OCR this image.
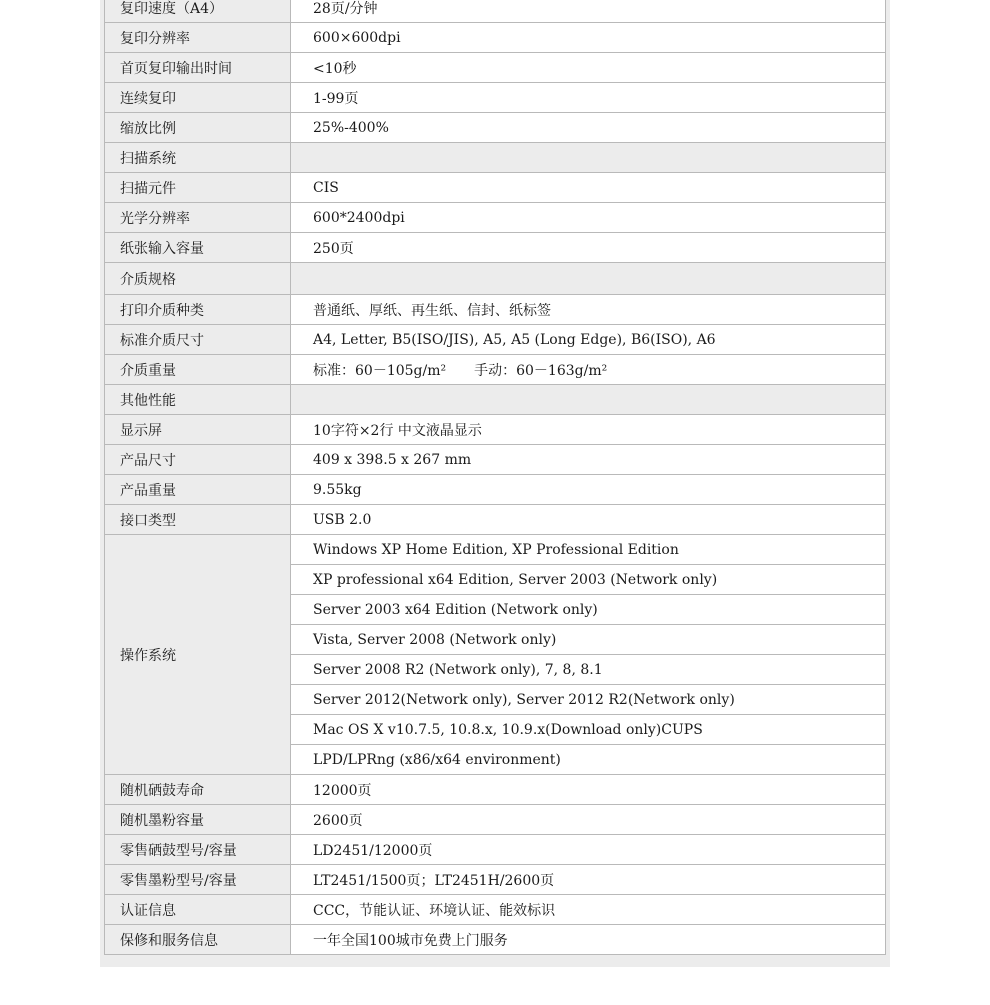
复印速度（A4）	28页/分钟
复印分辨率	600×600dpi
首页复印输出时间	<10秒
连续复印	1-99页
缩放比例	25%-400%
扫描系统	
扫描元件	CIS
光学分辨率	600*2400dpi
纸张输入容量	250页
介质规格	
打印介质种类	普通纸、厚纸、再生纸、信封、纸标签
标准介质尺寸	A4, Letter, B5(ISO/JIS), A5, A5 (Long Edge), B6(ISO), A6
介质重量	标准：60－105g/m²　　手动：60－163g/m²
其他性能	
显示屏	10字符×2行 中文液晶显示
产品尺寸	409 x 398.5 x 267 mm
产品重量	9.55kg
接口类型	USB 2.0
操作系统	Windows XP Home Edition, XP Professional Edition
	XP professional x64 Edition, Server 2003 (Network only)
	Server 2003 x64 Edition (Network only)
	Vista, Server 2008 (Network only)
	Server 2008 R2 (Network only), 7, 8, 8.1
	Server 2012(Network only), Server 2012 R2(Network only)
	Mac OS X v10.7.5, 10.8.x, 10.9.x(Download only)CUPS
	LPD/LPRng (x86/x64 environment)
随机硒鼓寿命	12000页
随机墨粉容量	2600页
零售硒鼓型号/容量	LD2451/12000页
零售墨粉型号/容量	LT2451/1500页；LT2451H/2600页
认证信息	CCC，节能认证、环境认证、能效标识
保修和服务信息	一年全国100城市免费上门服务
